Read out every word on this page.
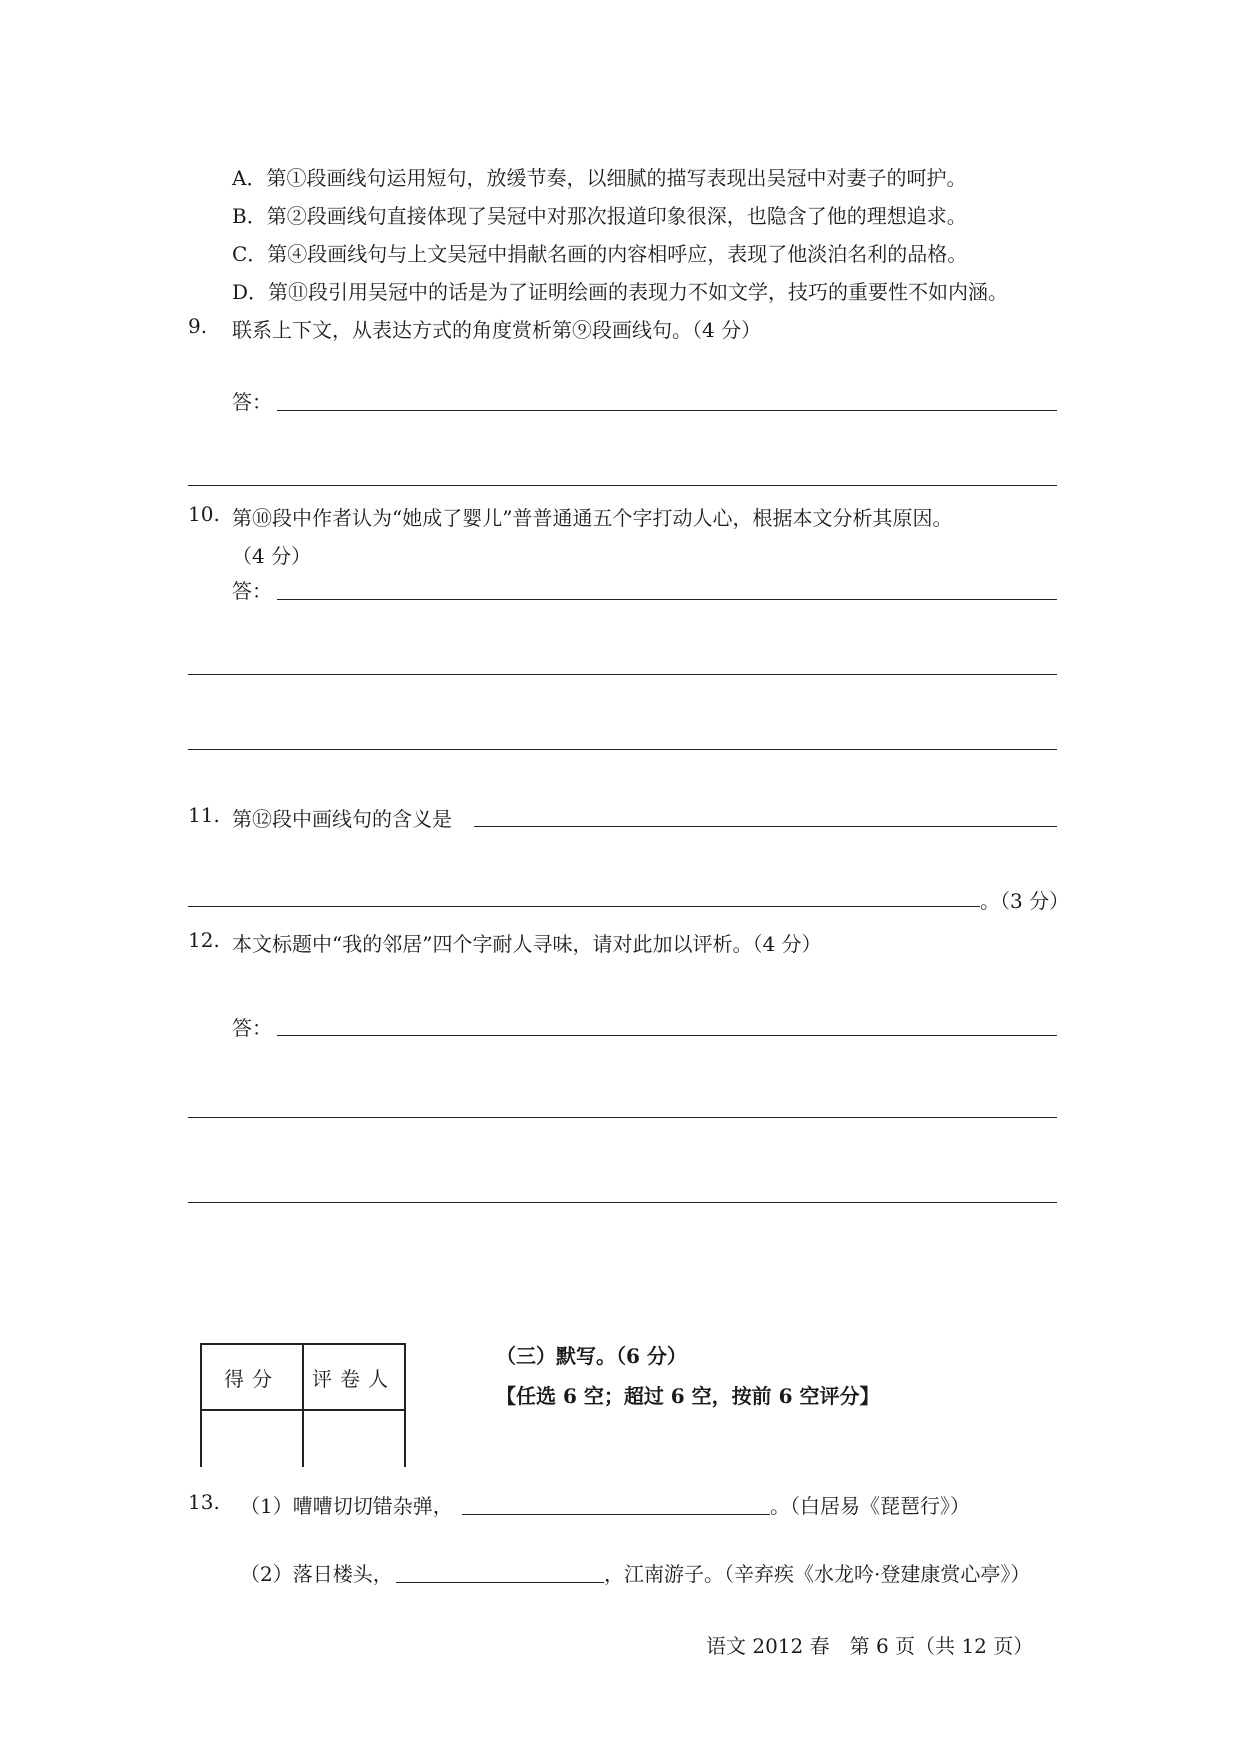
A．第①段画线句运用短句，放缓节奏，以细腻的描写表现出吴冠中对妻子的呵护。
B．第②段画线句直接体现了吴冠中对那次报道印象很深，也隐含了他的理想追求。
C．第④段画线句与上文吴冠中捐献名画的内容相呼应，表现了他淡泊名利的品格。
D．第⑪段引用吴冠中的话是为了证明绘画的表现力不如文学，技巧的重要性不如内涵。
9. 联系上下文，从表达方式的角度赏析第⑨段画线句。（4 分）
答：
10. 第⑩段中作者认为“她成了婴儿”普普通通五个字打动人心，根据本文分析其原因。
（4 分）
答：
11. 第⑫段中画线句的含义是
。（3 分）
12. 本文标题中“我的邻居”四个字耐人寻味，请对此加以评析。（4 分）
答：
得分	评卷人

（三）默写。（6 分）
【任选 6 空；超过 6 空，按前 6 空评分】
13. （1）嘈嘈切切错杂弹，	。（白居易《琵琶行》）
（2）落日楼头，	，江南游子。（辛弃疾《水龙吟·登建康赏心亭》）
语文 2012 春　第 6 页（共 12 页）
